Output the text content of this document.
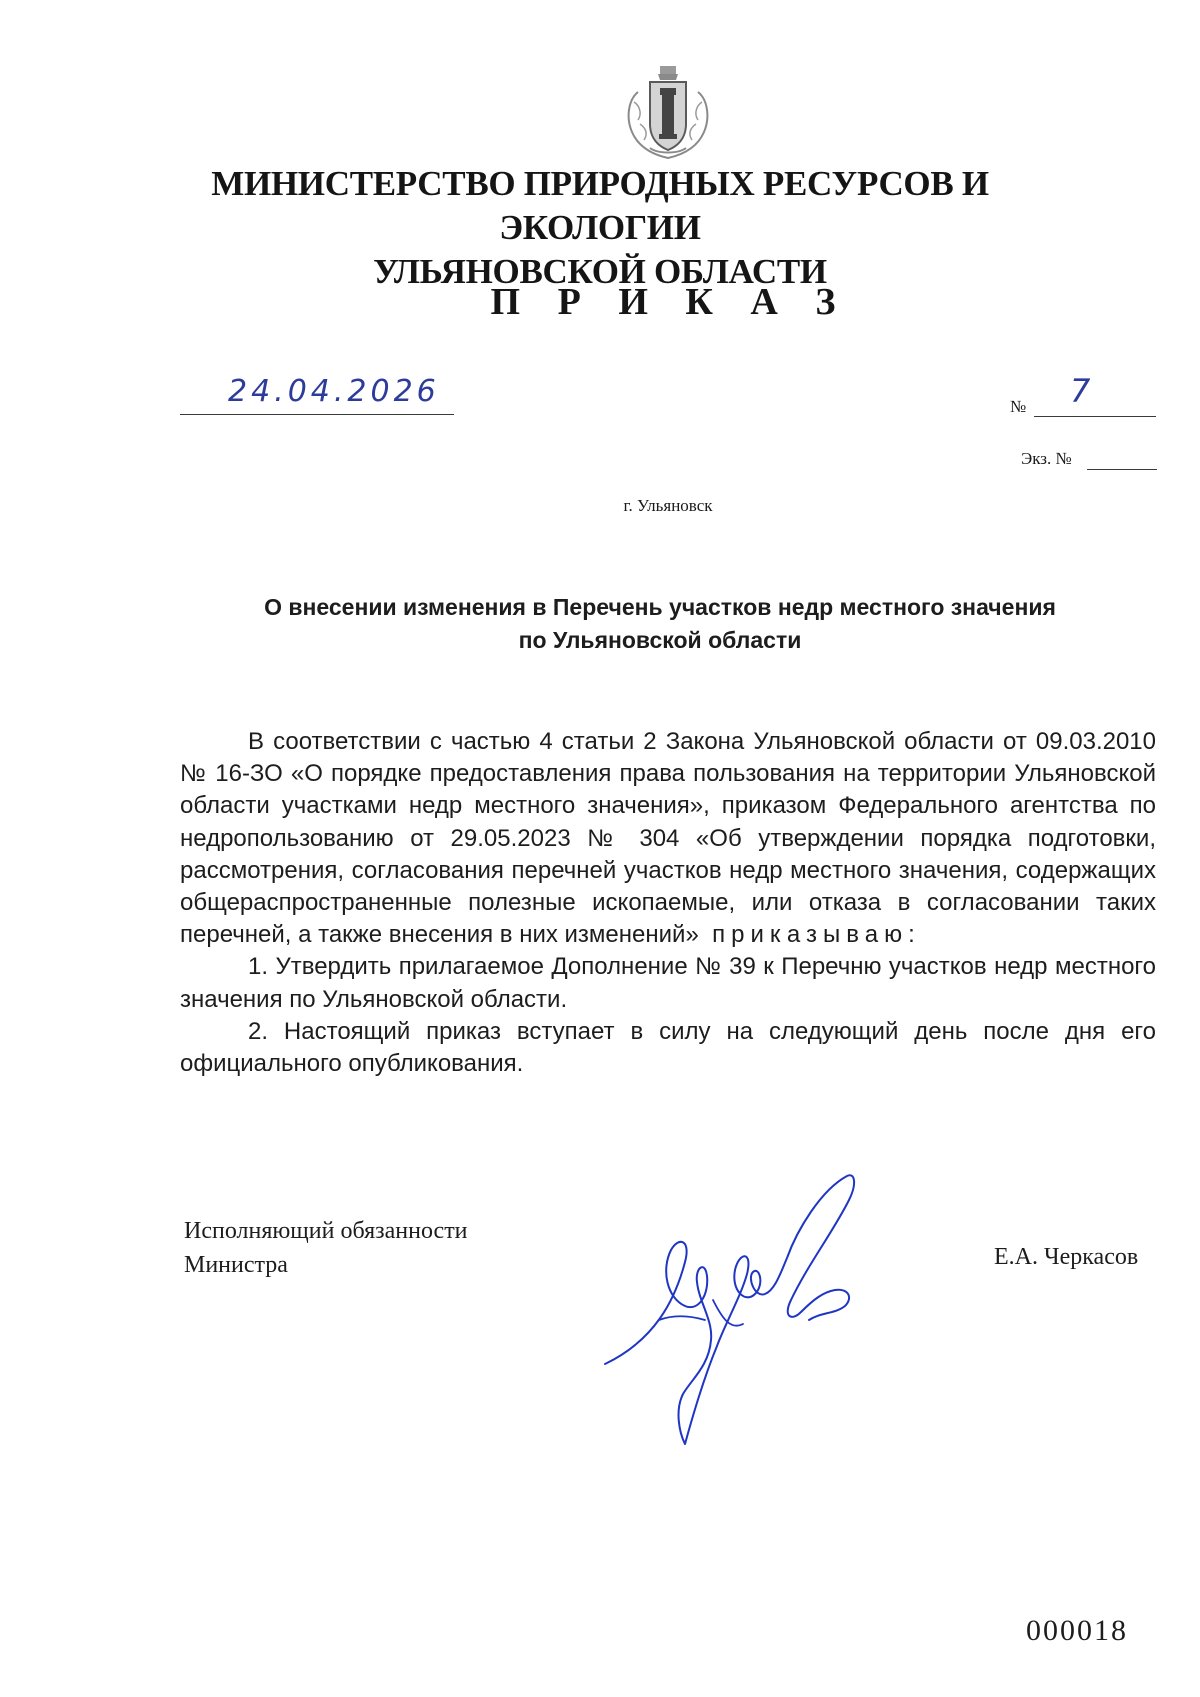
МИНИСТЕРСТВО ПРИРОДНЫХ РЕСУРСОВ И ЭКОЛОГИИ
УЛЬЯНОВСКОЙ ОБЛАСТИ
П Р И К А З
24.04.2026	№ 7
Экз. №
г. Ульяновск
О внесении изменения в Перечень участков недр местного значения
по Ульяновской области

В соответствии с частью 4 статьи 2 Закона Ульяновской области от 09.03.2010 № 16-ЗО «О порядке предоставления права пользования на территории Ульяновской области участками недр местного значения», приказом Федерального агентства по недропользованию от 29.05.2023 № 304 «Об утверждении порядка подготовки, рассмотрения, согласования перечней участков недр местного значения, содержащих общераспространенные полезные ископаемые, или отказа в согласовании таких перечней, а также внесения в них изменений» приказываю:

1. Утвердить прилагаемое Дополнение № 39 к Перечню участков недр местного значения по Ульяновской области.

2. Настоящий приказ вступает в силу на следующий день после дня его официального опубликования.

Исполняющий обязанности
Министра	Е.А. Черкасов
000018
